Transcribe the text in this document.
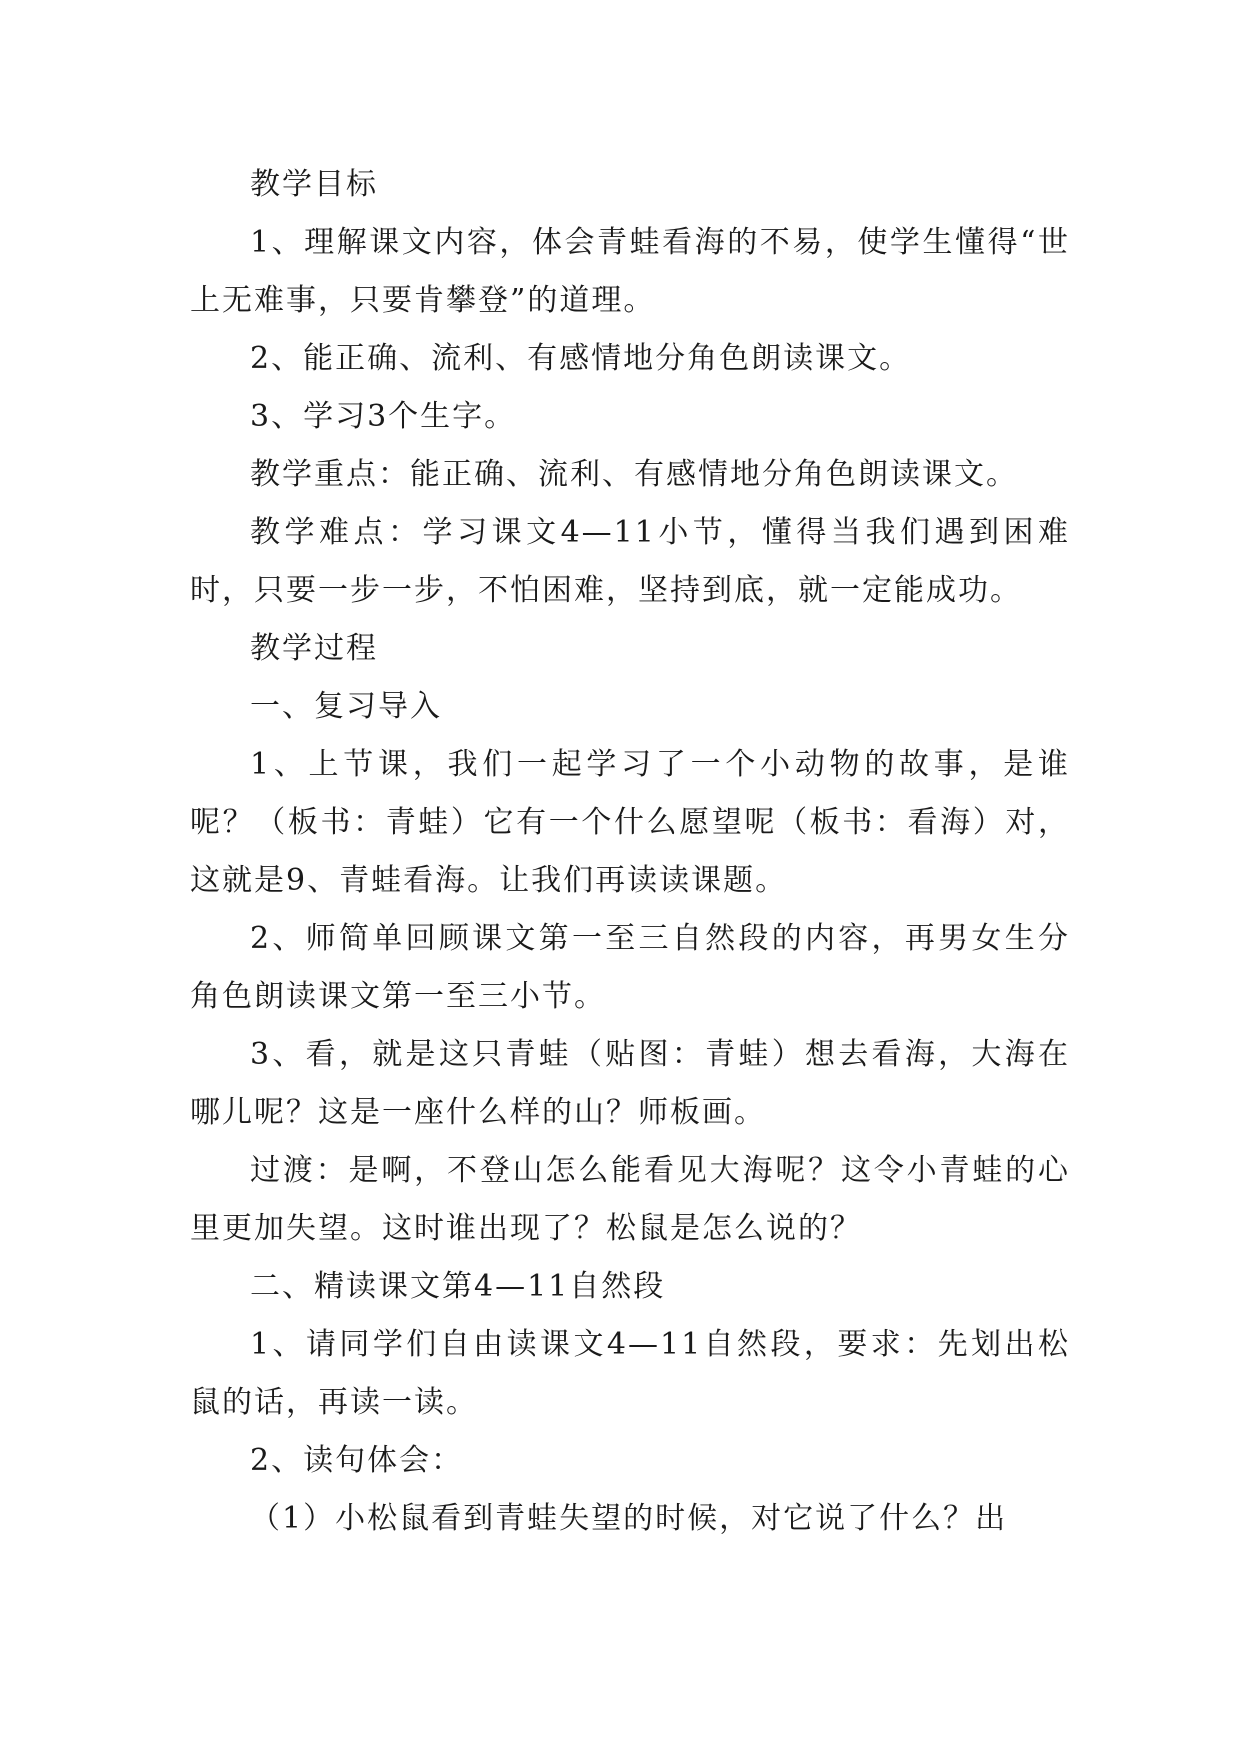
教学目标

1、理解课文内容，体会青蛙看海的不易，使学生懂得“世上无难事，只要肯攀登”的道理。

2、能正确、流利、有感情地分角色朗读课文。

3、学习3个生字。

教学重点：能正确、流利、有感情地分角色朗读课文。

教学难点：学习课文4—11小节，懂得当我们遇到困难时，只要一步一步，不怕困难，坚持到底，就一定能成功。

教学过程

一、复习导入

1、上节课，我们一起学习了一个小动物的故事，是谁呢？（板书：青蛙）它有一个什么愿望呢（板书：看海）对，这就是9、青蛙看海。让我们再读读课题。

2、师简单回顾课文第一至三自然段的内容，再男女生分角色朗读课文第一至三小节。

3、看，就是这只青蛙（贴图：青蛙）想去看海，大海在哪儿呢？这是一座什么样的山？师板画。

过渡：是啊，不登山怎么能看见大海呢？这令小青蛙的心里更加失望。这时谁出现了？松鼠是怎么说的？

二、精读课文第4—11自然段

1、请同学们自由读课文4—11自然段，要求：先划出松鼠的话，再读一读。

2、读句体会：

（1）小松鼠看到青蛙失望的时候，对它说了什么？出
